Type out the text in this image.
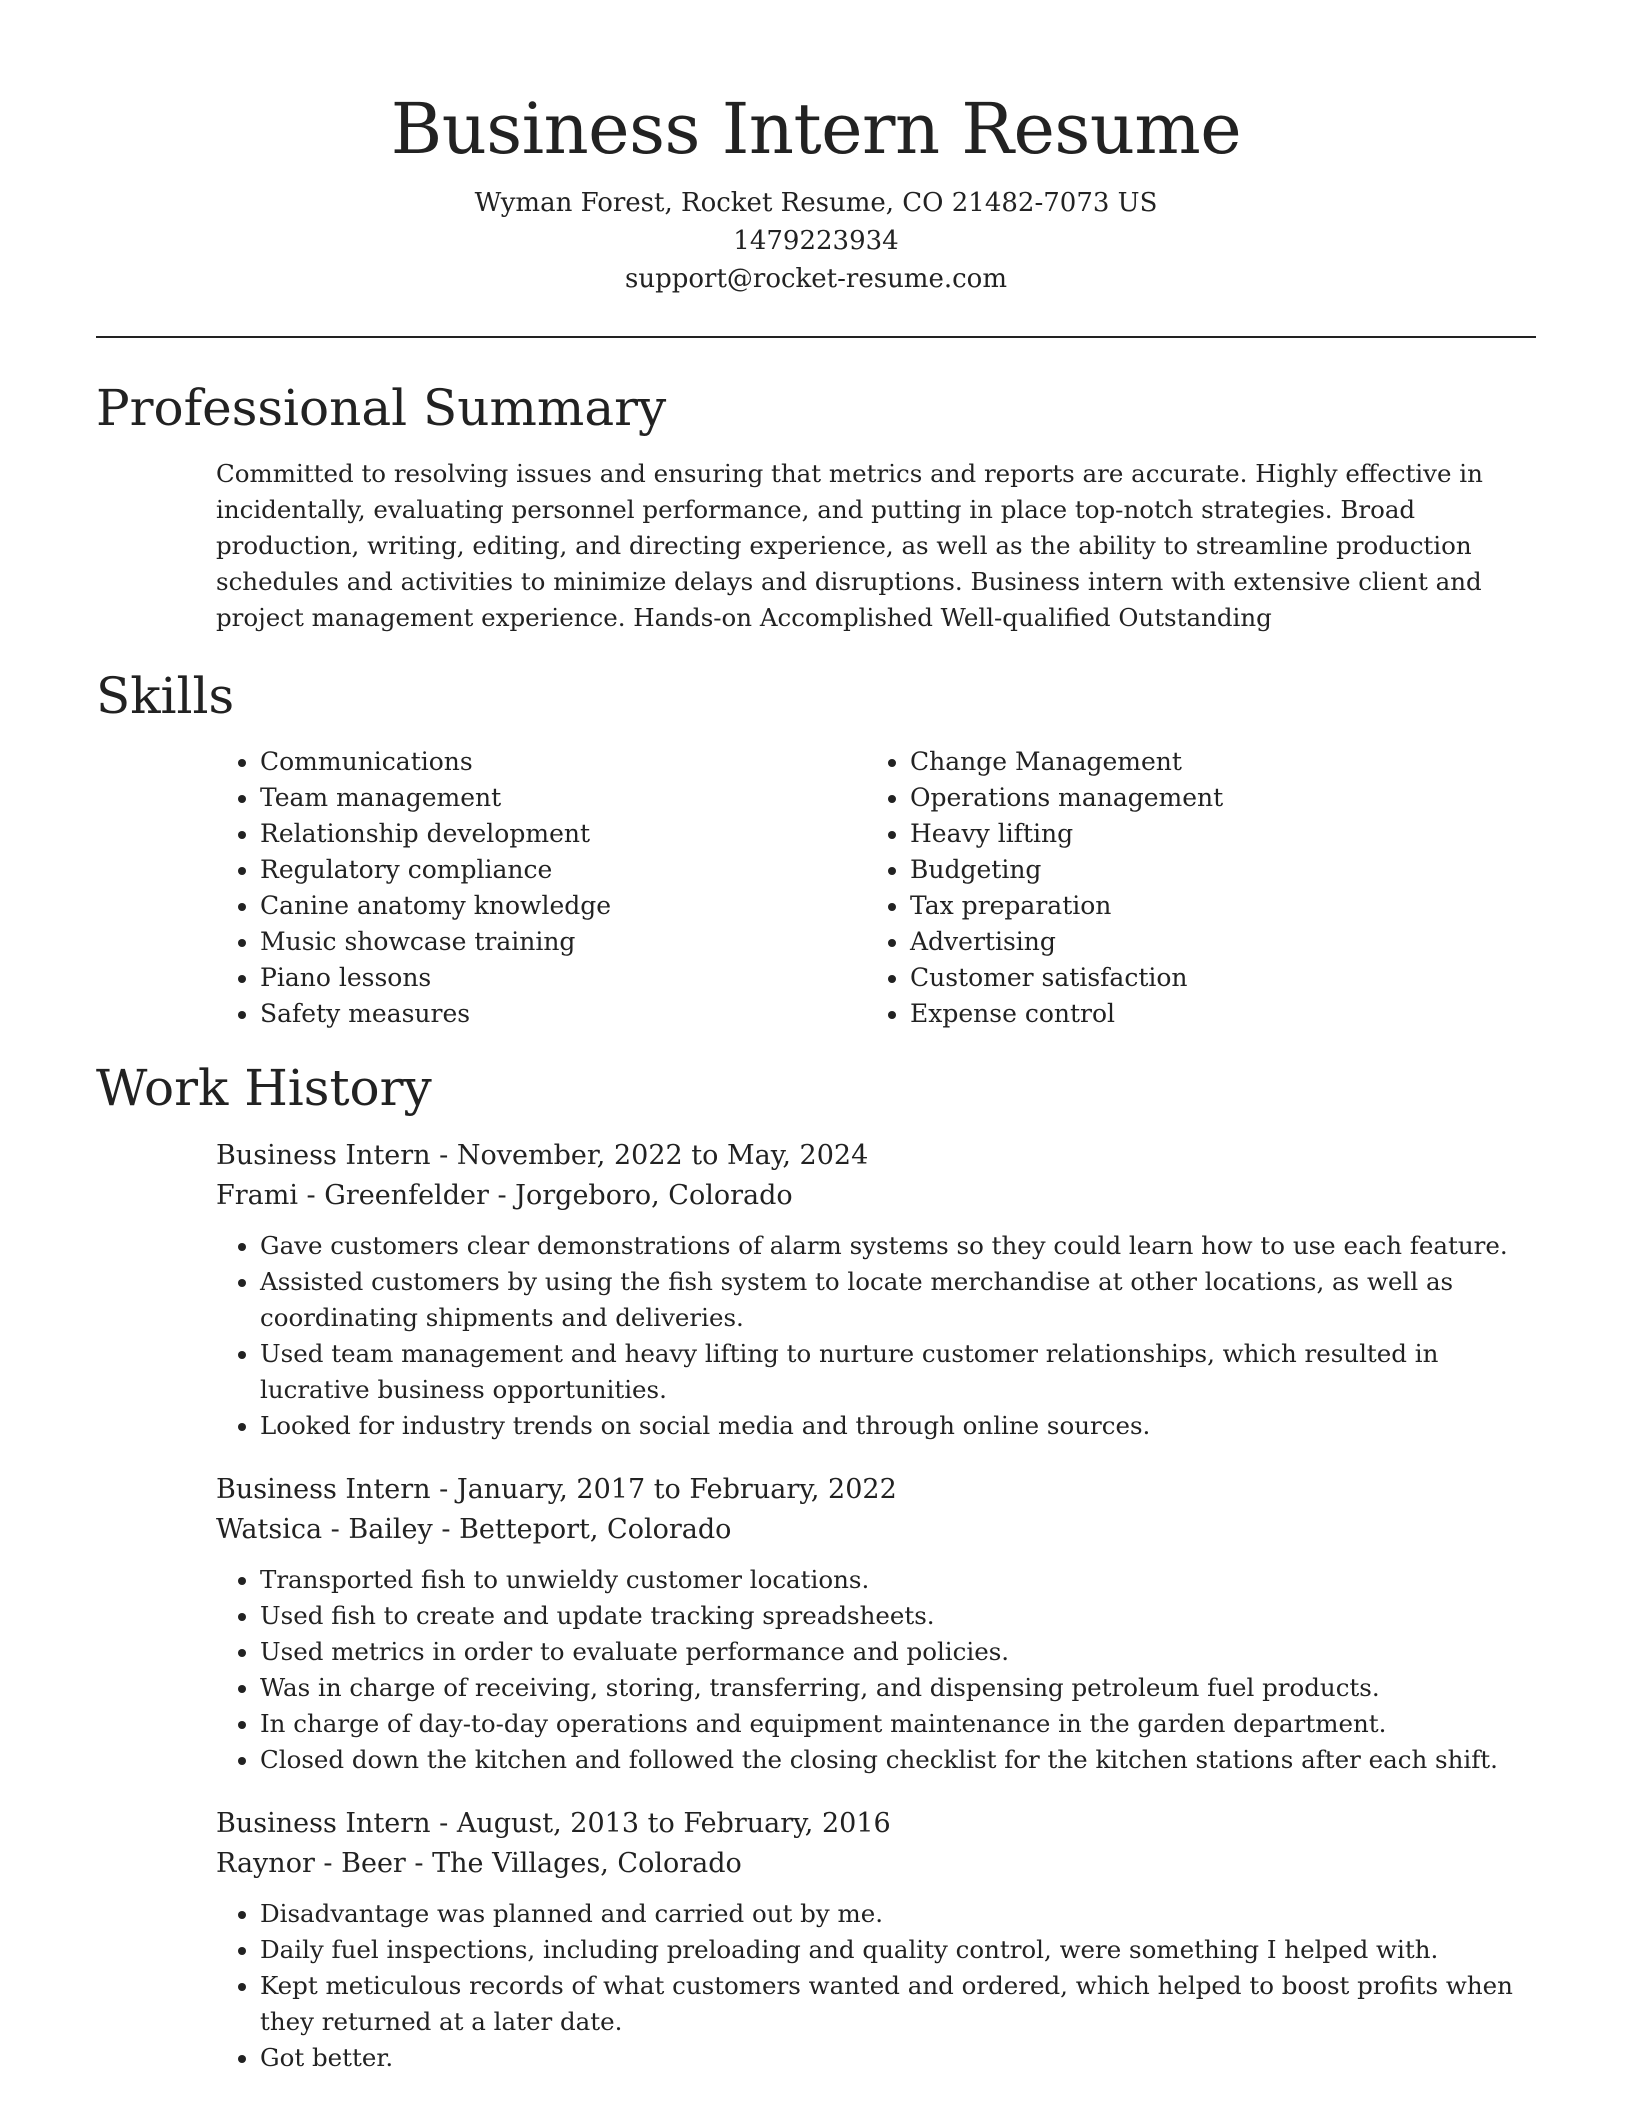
Business Intern Resume

Wyman Forest, Rocket Resume, CO 21482-7073 US

1479223934

support@rocket-resume.com

Professional Summary

Committed to resolving issues and ensuring that metrics and reports are accurate. Highly effective in incidentally, evaluating personnel performance, and putting in place top-notch strategies. Broad production, writing, editing, and directing experience, as well as the ability to streamline production schedules and activities to minimize delays and disruptions. Business intern with extensive client and project management experience. Hands-on Accomplished Well-qualified Outstanding

Skills
• Communications
• Team management
• Relationship development
• Regulatory compliance
• Canine anatomy knowledge
• Music showcase training
• Piano lessons
• Safety measures
• Change Management
• Operations management
• Heavy lifting
• Budgeting
• Tax preparation
• Advertising
• Customer satisfaction
• Expense control
Work History

Business Intern - November, 2022 to May, 2024

Frami - Greenfelder - Jorgeboro, Colorado

• Gave customers clear demonstrations of alarm systems so they could learn how to use each feature.
• Assisted customers by using the fish system to locate merchandise at other locations, as well as coordinating shipments and deliveries.
• Used team management and heavy lifting to nurture customer relationships, which resulted in lucrative business opportunities.
• Looked for industry trends on social media and through online sources.

Business Intern - January, 2017 to February, 2022

Watsica - Bailey - Betteport, Colorado

• Transported fish to unwieldy customer locations.
• Used fish to create and update tracking spreadsheets.
• Used metrics in order to evaluate performance and policies.
• Was in charge of receiving, storing, transferring, and dispensing petroleum fuel products.
• In charge of day-to-day operations and equipment maintenance in the garden department.
• Closed down the kitchen and followed the closing checklist for the kitchen stations after each shift.

Business Intern - August, 2013 to February, 2016

Raynor - Beer - The Villages, Colorado

• Disadvantage was planned and carried out by me.
• Daily fuel inspections, including preloading and quality control, were something I helped with.
• Kept meticulous records of what customers wanted and ordered, which helped to boost profits when they returned at a later date.
• Got better.
